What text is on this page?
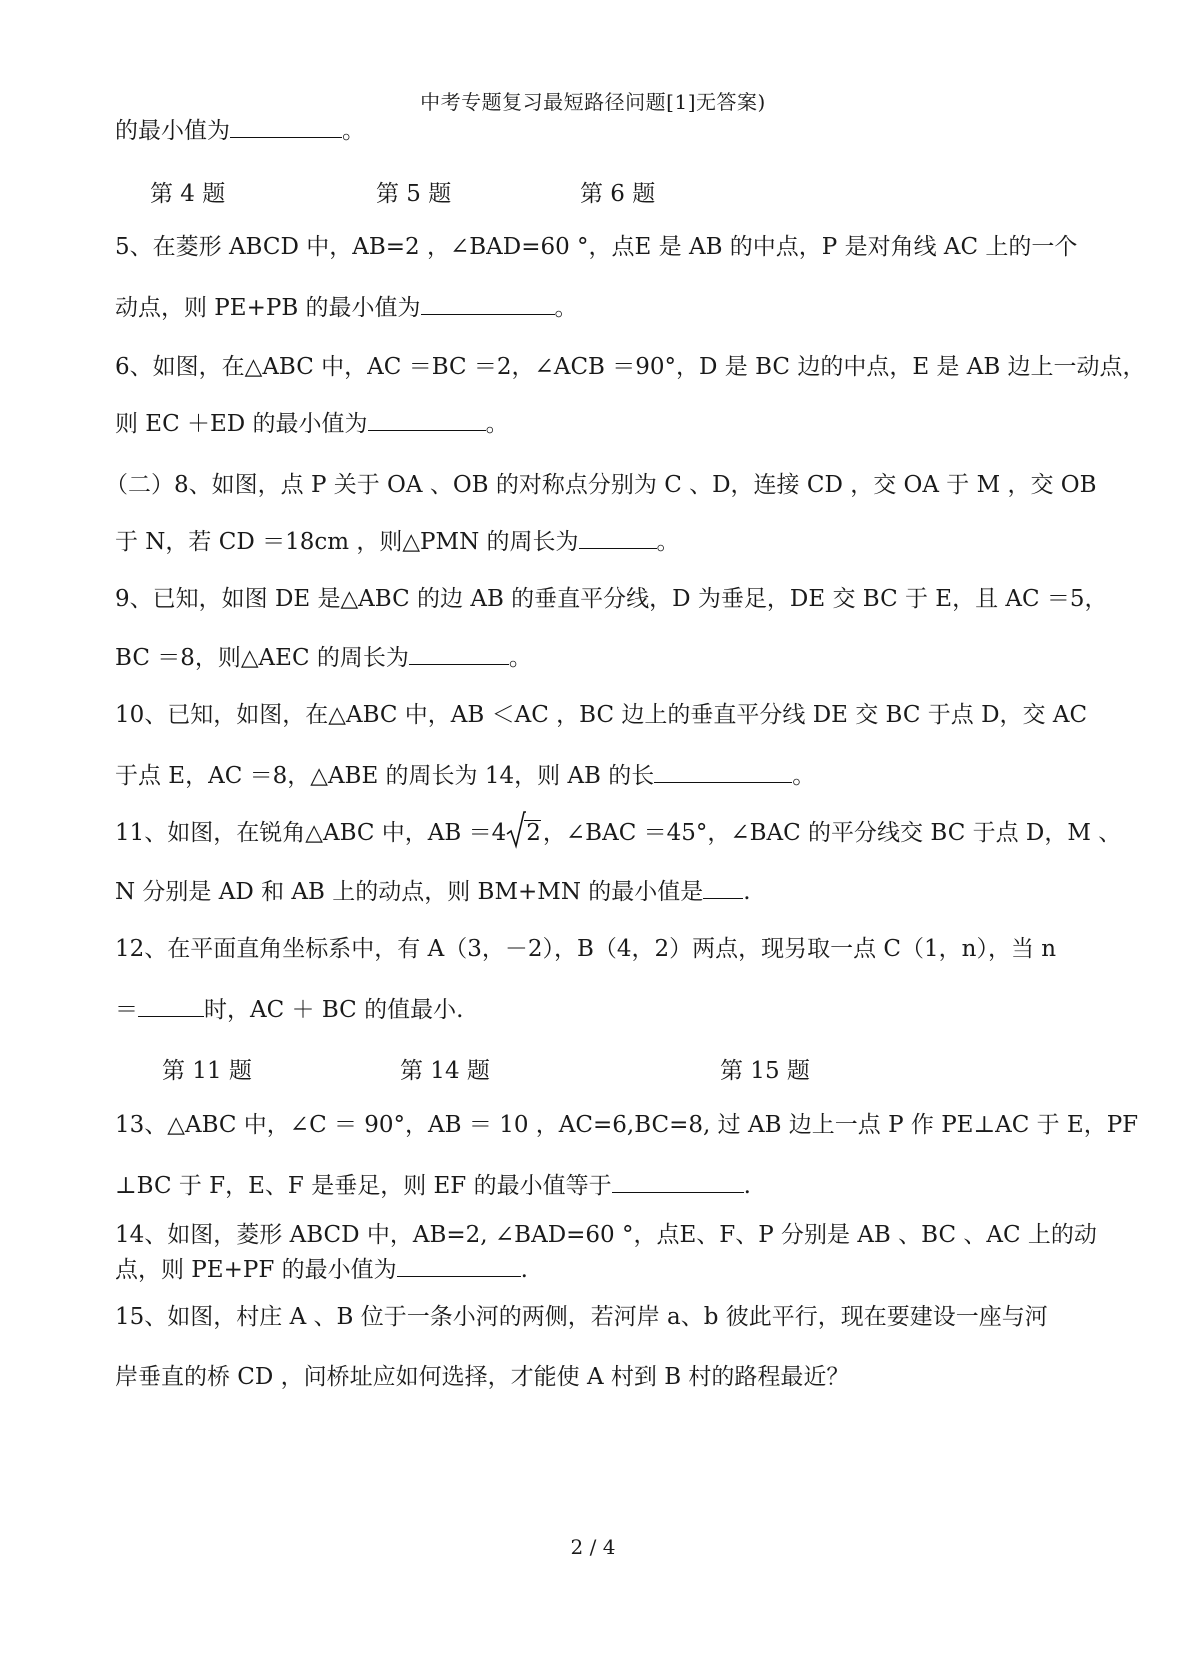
中考专题复习最短路径问题[1]无答案)
的最小值为	。
第 4 题	第 5 题	第 6 题
5、在菱形 ABCD 中，AB=2 ，∠BAD=60 °，点E 是 AB 的中点，P 是对角线 AC 上的一个
动点，则 PE+PB 的最小值为	。
6、如图，在△ABC 中，AC ＝BC ＝2，∠ACB ＝90°，D 是 BC 边的中点，E 是 AB 边上一动点，
则 EC ＋ED 的最小值为	。
（二）8、如图，点 P 关于 OA 、OB 的对称点分别为 C 、D，连接 CD ，交 OA 于 M ，交 OB
于 N，若 CD ＝18cm ，则△PMN 的周长为	。
9、已知，如图 DE 是△ABC 的边 AB 的垂直平分线，D 为垂足，DE 交 BC 于 E，且 AC ＝5，
BC ＝8，则△AEC 的周长为	。
10、已知，如图，在△ABC 中，AB ＜AC ，BC 边上的垂直平分线 DE 交 BC 于点 D，交 AC
于点 E，AC ＝8，△ABE 的周长为 14，则 AB 的长	。
11、如图，在锐角△ABC 中，AB ＝4 2，∠BAC ＝45°，∠BAC 的平分线交 BC 于点 D，M 、
N 分别是 AD 和 AB 上的动点，则 BM+MN 的最小值是 .
12、在平面直角坐标系中，有 A（3，－2），B（4，2）两点，现另取一点 C（1，n），当 n
＝	时，AC ＋ BC 的值最小.
第 11 题	第 14 题	第 15 题
13、△ABC 中，∠C ＝ 90°，AB ＝ 10 ，AC=6,BC=8, 过 AB 边上一点 P 作 PE⊥AC 于 E，PF
⊥BC 于 F，E、F 是垂足，则 EF 的最小值等于	.
14、如图，菱形 ABCD 中，AB=2, ∠BAD=60 °，点E、F、P 分别是 AB 、BC 、AC 上的动
点，则 PE+PF 的最小值为	.
15、如图，村庄 A 、B 位于一条小河的两侧，若河岸 a、b 彼此平行，现在要建设一座与河
岸垂直的桥 CD ，问桥址应如何选择，才能使 A 村到 B 村的路程最近？
2 / 4
